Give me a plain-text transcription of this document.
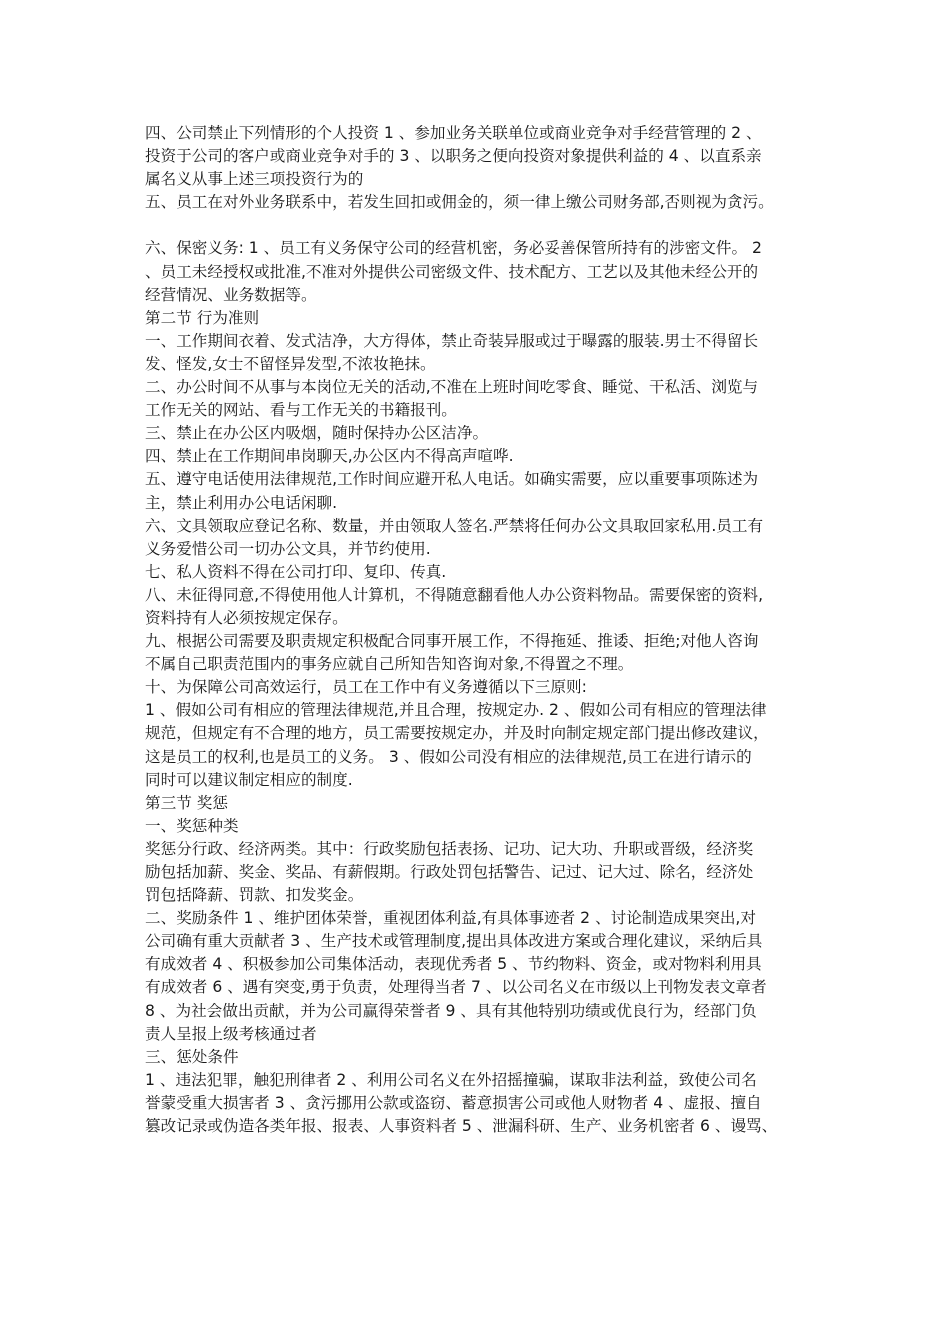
四、公司禁止下列情形的个人投资 1 、参加业务关联单位或商业竞争对手经营管理的 2 、
投资于公司的客户或商业竞争对手的 3 、以职务之便向投资对象提供利益的 4 、以直系亲
属名义从事上述三项投资行为的
五、员工在对外业务联系中，若发生回扣或佣金的，须一律上缴公司财务部,否则视为贪污。
六、保密义务: 1 、员工有义务保守公司的经营机密，务必妥善保管所持有的涉密文件。 2
、员工未经授权或批准,不准对外提供公司密级文件、技术配方、工艺以及其他未经公开的
经营情况、业务数据等。
第二节 行为准则
一、工作期间衣着、发式洁净，大方得体，禁止奇装异服或过于曝露的服装.男士不得留长
发、怪发,女士不留怪异发型,不浓妆艳抹。
二、办公时间不从事与本岗位无关的活动,不准在上班时间吃零食、睡觉、干私活、浏览与
工作无关的网站、看与工作无关的书籍报刊。
三、禁止在办公区内吸烟，随时保持办公区洁净。
四、禁止在工作期间串岗聊天,办公区内不得高声喧哗.
五、遵守电话使用法律规范,工作时间应避开私人电话。如确实需要，应以重要事项陈述为
主，禁止利用办公电话闲聊.
六、文具领取应登记名称、数量，并由领取人签名.严禁将任何办公文具取回家私用.员工有
义务爱惜公司一切办公文具，并节约使用.
七、私人资料不得在公司打印、复印、传真.
八、未征得同意,不得使用他人计算机，不得随意翻看他人办公资料物品。需要保密的资料,
资料持有人必须按规定保存。
九、根据公司需要及职责规定积极配合同事开展工作，不得拖延、推诿、拒绝;对他人咨询
不属自己职责范围内的事务应就自己所知告知咨询对象,不得置之不理。
十、为保障公司高效运行，员工在工作中有义务遵循以下三原则:
1 、假如公司有相应的管理法律规范,并且合理，按规定办. 2 、假如公司有相应的管理法律
规范，但规定有不合理的地方，员工需要按规定办，并及时向制定规定部门提出修改建议，
这是员工的权利,也是员工的义务。 3 、假如公司没有相应的法律规范,员工在进行请示的
同时可以建议制定相应的制度.
第三节 奖惩
一、奖惩种类
奖惩分行政、经济两类。其中：行政奖励包括表扬、记功、记大功、升职或晋级，经济奖
励包括加薪、奖金、奖品、有薪假期。行政处罚包括警告、记过、记大过、除名，经济处
罚包括降薪、罚款、扣发奖金。
二、奖励条件 1 、维护团体荣誉，重视团体利益,有具体事迹者 2 、讨论制造成果突出,对
公司确有重大贡献者 3 、生产技术或管理制度,提出具体改进方案或合理化建议，采纳后具
有成效者 4 、积极参加公司集体活动，表现优秀者 5 、节约物料、资金，或对物料利用具
有成效者 6 、遇有突变,勇于负责，处理得当者 7 、以公司名义在市级以上刊物发表文章者
8 、为社会做出贡献，并为公司赢得荣誉者 9 、具有其他特别功绩或优良行为，经部门负
责人呈报上级考核通过者
三、惩处条件
1 、违法犯罪，触犯刑律者 2 、利用公司名义在外招摇撞骗，谋取非法利益，致使公司名
誉蒙受重大损害者 3 、贪污挪用公款或盗窃、蓄意损害公司或他人财物者 4 、虚报、擅自
篡改记录或伪造各类年报、报表、人事资料者 5 、泄漏科研、生产、业务机密者 6 、谩骂、
